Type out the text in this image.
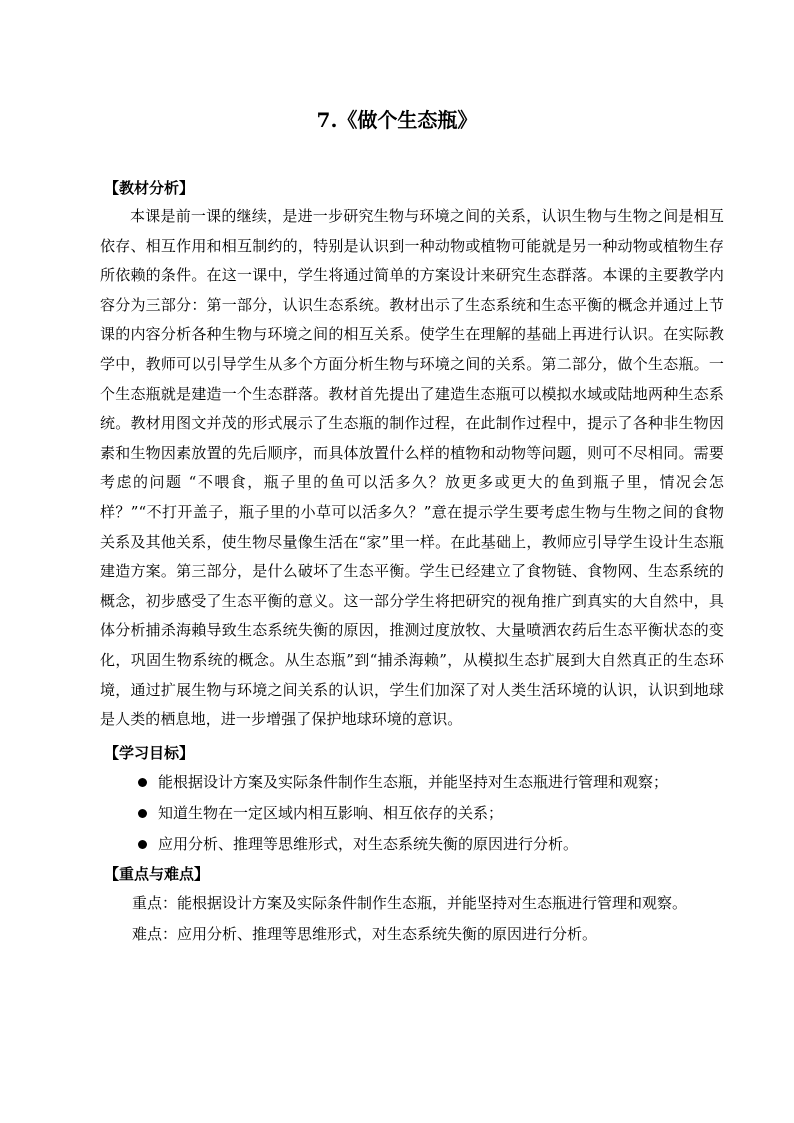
7.《做个生态瓶》
【教材分析】

本课是前一课的继续，是进一步研究生物与环境之间的关系，认识生物与生物之间是相互依存、相互作用和相互制约的，特别是认识到一种动物或植物可能就是另一种动物或植物生存所依赖的条件。在这一课中，学生将通过简单的方案设计来研究生态群落。本课的主要教学内容分为三部分：第一部分，认识生态系统。教材出示了生态系统和生态平衡的概念并通过上节课的内容分析各种生物与环境之间的相互关系。使学生在理解的基础上再进行认识。在实际教学中，教师可以引导学生从多个方面分析生物与环境之间的关系。第二部分，做个生态瓶。一个生态瓶就是建造一个生态群落。教材首先提出了建造生态瓶可以模拟水域或陆地两种生态系统。教材用图文并茂的形式展示了生态瓶的制作过程，在此制作过程中，提示了各种非生物因素和生物因素放置的先后顺序，而具体放置什么样的植物和动物等问题，则可不尽相同。需要考虑的问题 “不喂食，瓶子里的鱼可以活多久？放更多或更大的鱼到瓶子里，情况会怎样？”“不打开盖子，瓶子里的小草可以活多久？”意在提示学生要考虑生物与生物之间的食物关系及其他关系，使生物尽量像生活在“家”里一样。在此基础上，教师应引导学生设计生态瓶建造方案。第三部分，是什么破坏了生态平衡。学生已经建立了食物链、食物网、生态系统的概念，初步感受了生态平衡的意义。这一部分学生将把研究的视角推广到真实的大自然中，具体分析捕杀海賴导致生态系统失衡的原因，推测过度放牧、大量喷洒农药后生态平衡状态的变化，巩固生物系统的概念。从生态瓶”到“捕杀海赖”，从模拟生态扩展到大自然真正的生态环境，通过扩展生物与环境之间关系的认识，学生们加深了对人类生活环境的认识，认识到地球是人类的栖息地，进一步增强了保护地球环境的意识。

【学习目标】
能根据设计方案及实际条件制作生态瓶，并能坚持对生态瓶进行管理和观察；
知道生物在一定区域内相互影响、相互依存的关系；
应用分析、推理等思维形式，对生态系统失衡的原因进行分析。
【重点与难点】

重点：能根据设计方案及实际条件制作生态瓶，并能坚持对生态瓶进行管理和观察。

难点：应用分析、推理等思维形式，对生态系统失衡的原因进行分析。
